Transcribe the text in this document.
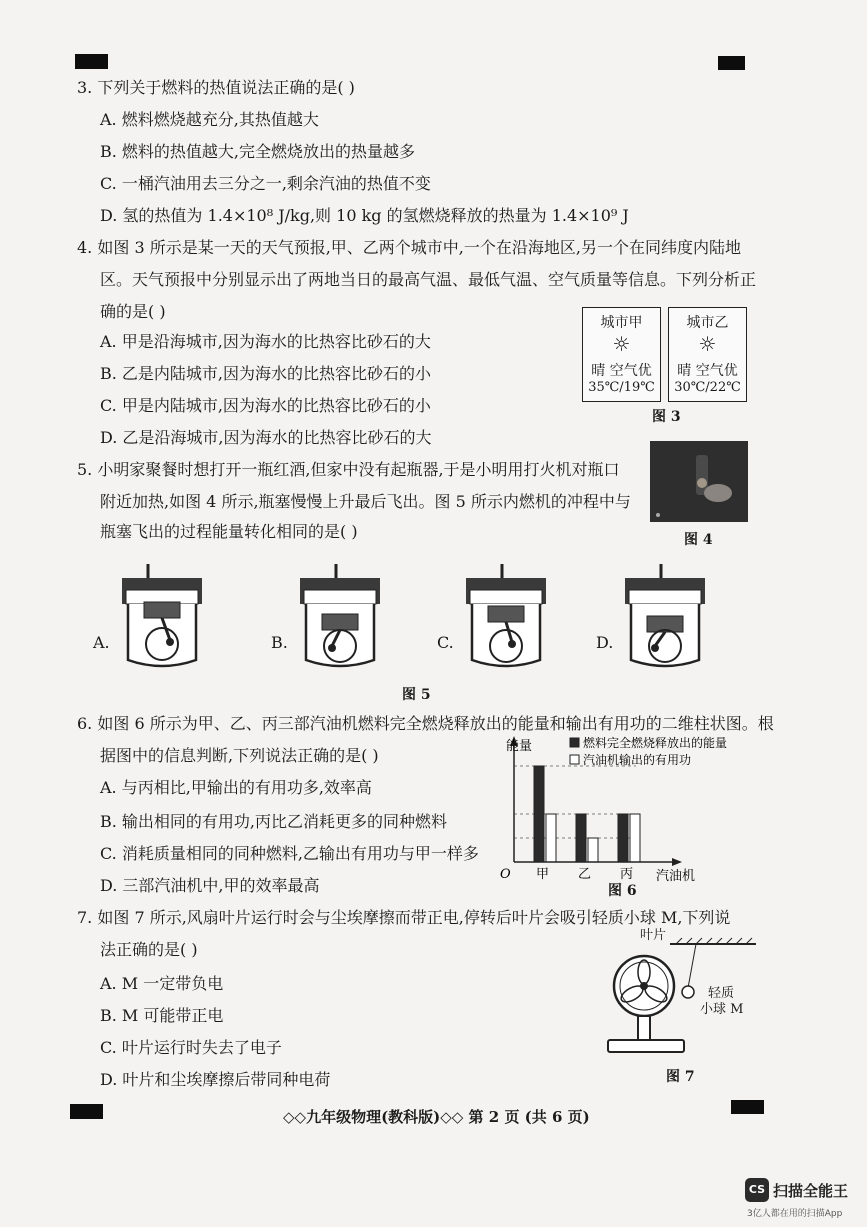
3. 下列关于燃料的热值说法正确的是( )
A. 燃料燃烧越充分,其热值越大
B. 燃料的热值越大,完全燃烧放出的热量越多
C. 一桶汽油用去三分之一,剩余汽油的热值不变
D. 氢的热值为 1.4×10⁸ J/kg,则 10 kg 的氢燃烧释放的热量为 1.4×10⁹ J
4. 如图 3 所示是某一天的天气预报,甲、乙两个城市中,一个在沿海地区,另一个在同纬度内陆地
区。天气预报中分别显示出了两地当日的最高气温、最低气温、空气质量等信息。下列分析正
确的是( )
A. 甲是沿海城市,因为海水的比热容比砂石的大
B. 乙是内陆城市,因为海水的比热容比砂石的小
C. 甲是内陆城市,因为海水的比热容比砂石的小
D. 乙是沿海城市,因为海水的比热容比砂石的大
城市甲
☼
晴 空气优
35℃/19℃
城市乙
☼
晴 空气优
30℃/22℃
图 3
5. 小明家聚餐时想打开一瓶红酒,但家中没有起瓶器,于是小明用打火机对瓶口
附近加热,如图 4 所示,瓶塞慢慢上升最后飞出。图 5 所示内燃机的冲程中与
瓶塞飞出的过程能量转化相同的是( )	图 4
A.	B.	C.	D.
图 5
6. 如图 6 所示为甲、乙、丙三部汽油机燃料完全燃烧释放出的能量和输出有用功的二维柱状图。根
据图中的信息判断,下列说法正确的是( )
A. 与丙相比,甲输出的有用功多,效率高
B. 输出相同的有用功,丙比乙消耗更多的同种燃料
C. 消耗质量相同的同种燃料,乙输出有用功与甲一样多
D. 三部汽油机中,甲的效率最高
能量
O	汽油机
甲 乙 丙
燃料完全燃烧释放出的能量
汽油机输出的有用功
图 6
7. 如图 7 所示,风扇叶片运行时会与尘埃摩擦而带正电,停转后叶片会吸引轻质小球 M,下列说
法正确的是( )
A. M 一定带负电
B. M 可能带正电
C. 叶片运行时失去了电子
D. 叶片和尘埃摩擦后带同种电荷
叶片
轻质
小球 M
图 7
◇◇九年级物理(教科版)◇◇ 第 2 页 (共 6 页)
CS 扫描全能王
3亿人都在用的扫描App
